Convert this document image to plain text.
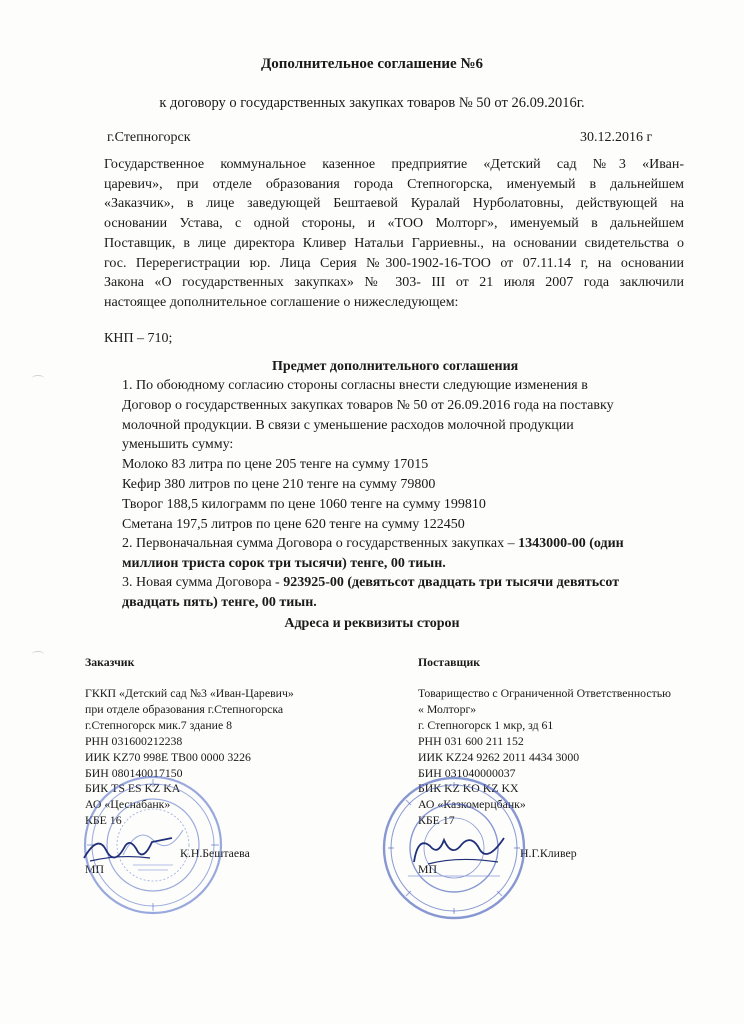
Дополнительное соглашение №6
к договору о государственных закупках товаров № 50 от 26.09.2016г.
г.Степногорск	30.12.2016 г
Государственное коммунальное казенное предприятие «Детский сад №3 «Иван-
царевич», при отделе образования города Степногорска, именуемый в дальнейшем
«Заказчик», в лице заведующей Бештаевой Куралай Нурболатовны, действующей на
основании Устава, с одной стороны, и «ТОО Молторг», именуемый в дальнейшем
Поставщик, в лице директора Кливер Натальи Гарриевны., на основании свидетельства о
гос. Перерегистрации юр. Лица Серия №300-1902-16-ТОО от 07.11.14 г, на основании
Закона «О государственных закупках» № 303- III от 21 июля 2007 года заключили
настоящее дополнительное соглашение о нижеследующем:
КНП – 710;
Предмет дополнительного соглашения
1. По обоюдному согласию стороны согласны внести следующие изменения в
Договор о государственных закупках товаров № 50 от 26.09.2016 года на поставку
молочной продукции. В связи с уменьшение расходов молочной продукции
уменьшить сумму:
Молоко 83 литра по цене 205 тенге на сумму 17015
Кефир 380 литров по цене 210 тенге на сумму 79800
Творог 188,5 килограмм по цене 1060 тенге на сумму 199810
Сметана 197,5 литров по цене 620 тенге на сумму 122450
2. Первоначальная сумма Договора о государственных закупках – 1343000-00 (один
миллион триста сорок три тысячи) тенге, 00 тиын.
3. Новая сумма Договора - 923925-00 (девятьсот двадцать три тысячи девятьсот
двадцать пять) тенге, 00 тиын.
Адреса и реквизиты сторон
Заказчик
ГККП «Детский сад №3 «Иван-Царевич»
при отделе образования г.Степногорска
г.Степногорск мик.7 здание 8
РНН 031600212238
ИИК KZ70 998E TB00 0000 3226
БИН 080140017150
БИК TS ES KZ KA
АО «Цеснабанк»
КБЕ 16
К.Н.Бештаева
МП
Поставщик
Товарищество с Ограниченной Ответственностью
« Молторг»
г. Степногорск 1 мкр, зд 61
РНН 031 600 211 152
ИИК KZ24 9262 2011 4434 3000
БИН 031040000037
БИК KZ KO KZ KX
АО «Казкомерцбанк»
КБЕ 17
Н.Г.Кливер
МП
